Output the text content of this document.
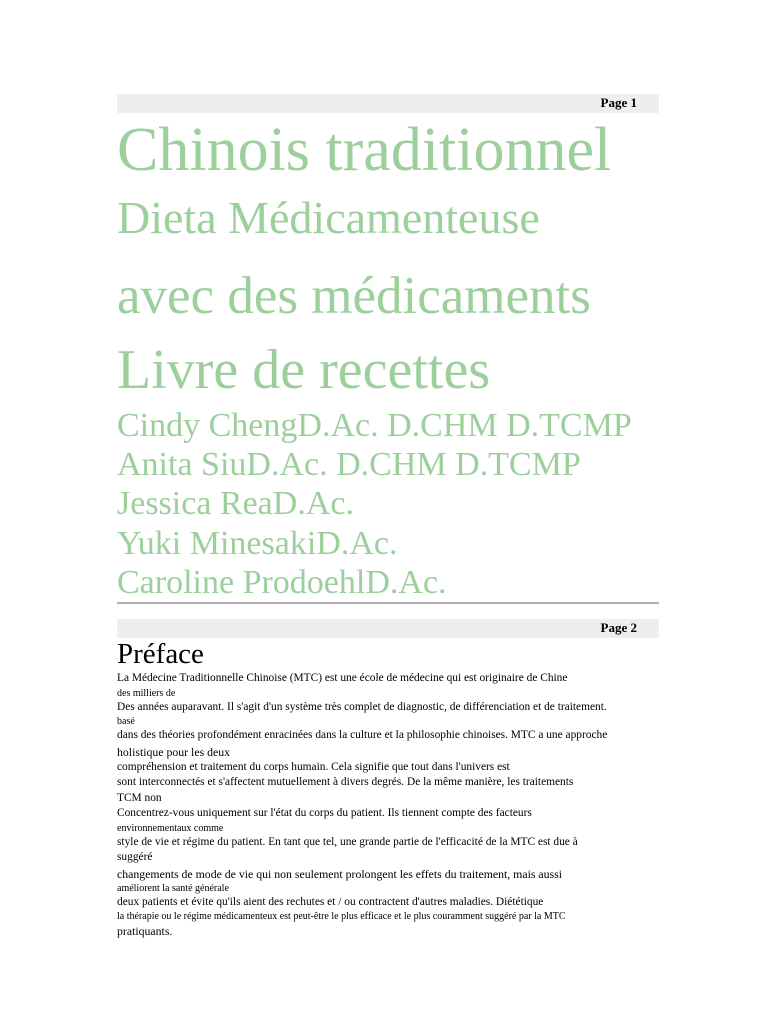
Page 1
Chinois traditionnel
Dieta Médicamenteuse
avec des médicaments
Livre de recettes
Cindy ChengD.Ac. D.CHM D.TCMP
Anita SiuD.Ac. D.CHM D.TCMP
Jessica ReaD.Ac.
Yuki MinesakiD.Ac.
Caroline ProdoehlD.Ac.
Page 2
Préface
La Médecine Traditionnelle Chinoise (MTC) est une école de médecine qui est originaire de Chine
des milliers de
Des années auparavant. Il s'agit d'un système très complet de diagnostic, de différenciation et de traitement.
basé
dans des théories profondément enracinées dans la culture et la philosophie chinoises. MTC a une approche
holistique pour les deux
compréhension et traitement du corps humain. Cela signifie que tout dans l'univers est
sont interconnectés et s'affectent mutuellement à divers degrés. De la même manière, les traitements
TCM non
Concentrez-vous uniquement sur l'état du corps du patient. Ils tiennent compte des facteurs
environnementaux comme
style de vie et régime du patient. En tant que tel, une grande partie de l'efficacité de la MTC est due à
suggéré
changements de mode de vie qui non seulement prolongent les effets du traitement, mais aussi
améliorent la santé générale
deux patients et évite qu'ils aient des rechutes et / ou contractent d'autres maladies. Diététique
la thérapie ou le régime médicamenteux est peut-être le plus efficace et le plus couramment suggéré par la MTC
pratiquants.
